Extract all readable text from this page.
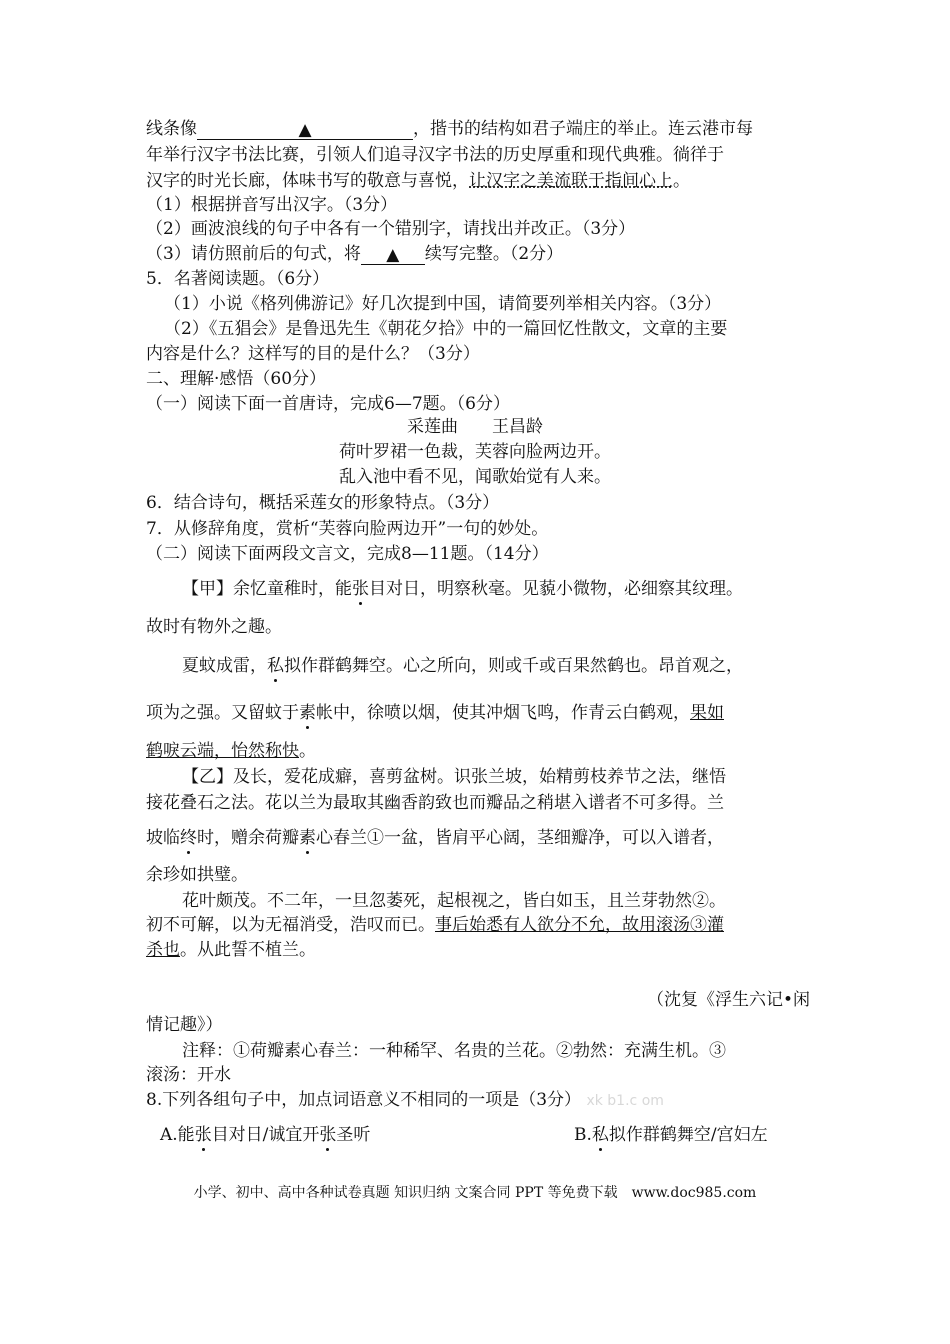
线条像	▲	，揩书的结构如君子端庄的举止。连云港市每
年举行汉字书法比赛，引领人们追寻汉字书法的历史厚重和现代典雅。徜徉于
汉字的时光长廊，体味书写的敬意与喜悦，让汉字之美流联于指间心上。
（1）根据拼音写出汉字。（3分）
（2）画波浪线的句子中各有一个错别字，请找出并改正。（3分）
（3）请仿照前后的句式，将 ▲ 续写完整。（2分）
5．名著阅读题。（6分）
（1）小说《格列佛游记》好几次提到中国，请简要列举相关内容。（3分）
（2）《五猖会》是鲁迅先生《朝花夕拾》中的一篇回忆性散文，文章的主要
内容是什么？这样写的目的是什么？（3分）
二、理解·感悟（60分）
（一）阅读下面一首唐诗，完成6—7题。（6分）
采莲曲　　王昌龄
荷叶罗裙一色裁，芙蓉向脸两边开。
乱入池中看不见，闻歌始觉有人来。
6．结合诗句，概括采莲女的形象特点。（3分）
7．从修辞角度，赏析“芙蓉向脸两边开”一句的妙处。
（二）阅读下面两段文言文，完成8—11题。（14分）
【甲】余忆童稚时，能张目对日，明察秋毫。见藐小微物，必细察其纹理。
故时有物外之趣。
夏蚊成雷，私拟作群鹤舞空。心之所向，则或千或百果然鹤也。昂首观之，
项为之强。又留蚊于素帐中，徐喷以烟，使其冲烟飞鸣，作青云白鹤观，果如
鹤唳云端，怡然称快。
【乙】及长，爱花成癖，喜剪盆树。识张兰坡，始精剪枝养节之法，继悟
接花叠石之法。花以兰为最取其幽香韵致也而瓣品之稍堪入谱者不可多得。兰
坡临终时，赠余荷瓣素心春兰①一盆，皆肩平心阔，茎细瓣净，可以入谱者，
余珍如拱璧。
花叶颇茂。不二年，一旦忽萎死，起根视之，皆白如玉，且兰芽勃然②。
初不可解，以为无福消受，浩叹而已。事后始悉有人欲分不允，故用滚汤③灌
杀也。从此誓不植兰。
（沈复《浮生六记•闲
情记趣》）
注释：①荷瓣素心春兰：一种稀罕、名贵的兰花。②勃然：充满生机。③
滚汤：开水
8.下列各组句子中，加点词语意义不相同的一项是（3分） xk b1.c om
A.能张目对日/诚宜开张圣听	B.私拟作群鹤舞空/宫妇左
小学、初中、高中各种试卷真题 知识归纳 文案合同 PPT 等免费下载　www.doc985.com
